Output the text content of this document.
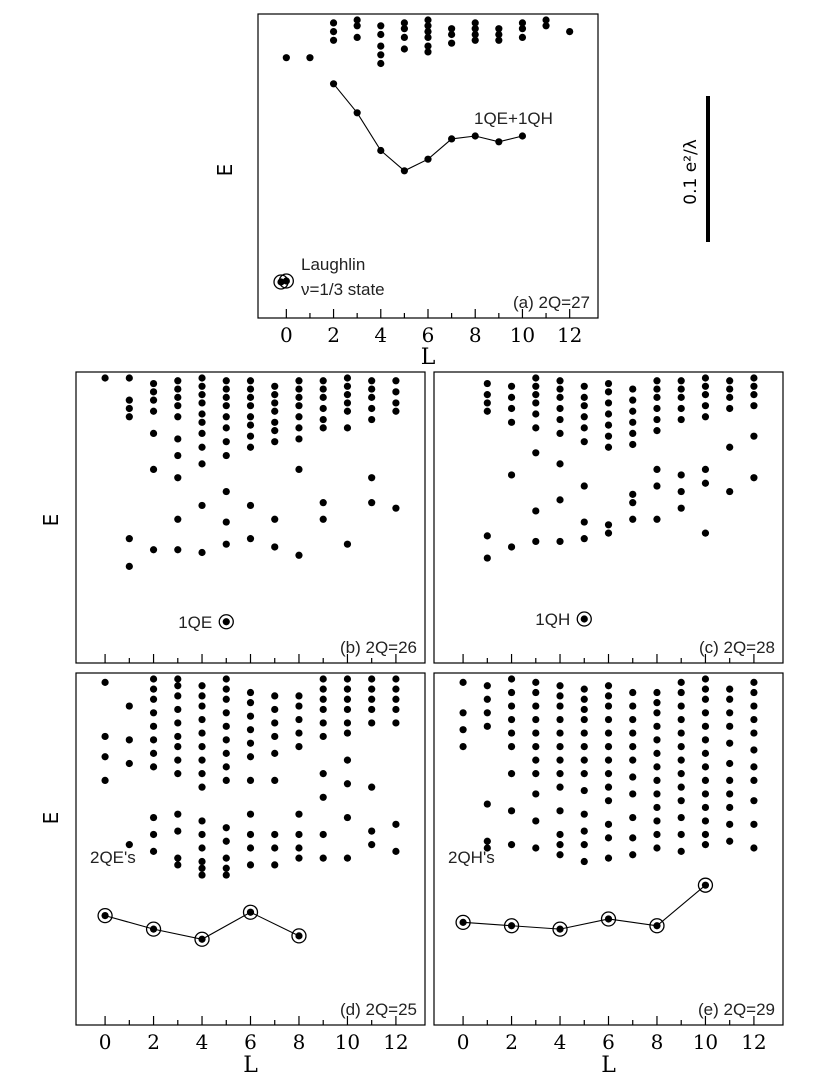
0.1 e²/λ
E
0 2 4 6 8 10 12
L
1QE+1QH
(a) 2Q=27
E
1QE
(b) 2Q=26
1QH
(c) 2Q=28
E
0 2 4 6 8 10 12
L
2QE's
(d) 2Q=25
0 2 4 6 8 10 12
L
2QH's
(e) 2Q=29
Laughlin
ν=1/3 state
